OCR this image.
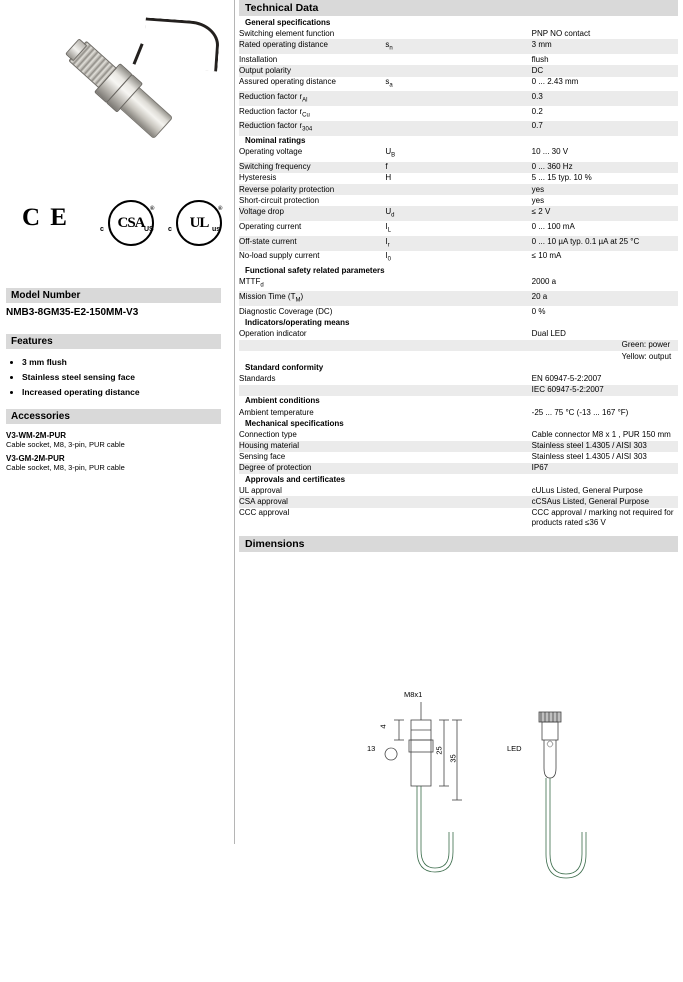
C E	CSA
®
c	US UL
®
c	us
Model Number
NMB3-8GM35-E2-150MM-V3
Features
• 3 mm flush
• Stainless steel sensing face
• Increased operating distance
Accessories
V3-WM-2M-PUR
Cable socket, M8, 3-pin, PUR cable
V3-GM-2M-PUR
Cable socket, M8, 3-pin, PUR cable
Technical Data
General specifications		
Switching element function		PNP NO contact
Rated operating distance	$s_n$	3 mm
Installation		flush
Output polarity		DC
Assured operating distance	$s_a$	0 ... 2.43 mm
Reduction factor $r_{Al}$		0.3
Reduction factor $r_{Cu}$		0.2
Reduction factor $r_{304}$		0.7
Nominal ratings		
Operating voltage	$U_B$	10 ... 30 V
Switching frequency	f	0 ... 360 Hz
Hysteresis	H	5 ... 15 typ. 10 %
Reverse polarity protection		yes
Short-circuit protection		yes
Voltage drop	$U_d$	≤ 2 V
Operating current	$I_L$	0 ... 100 mA
Off-state current	$I_r$	0 ... 10 µA typ. 0.1 µA at 25 °C
No-load supply current	$I_0$	≤ 10 mA
Functional safety related parameters		
$MTTF_d$		2000 a
Mission Time $(T_M)$		20 a
Diagnostic Coverage (DC)		0 %
Indicators/operating means		
Operation indicator		Dual LED
		Green: power
		Yellow: output
Standard conformity		
Standards		EN 60947-5-2:2007
		IEC 60947-5-2:2007
Ambient conditions		
Ambient temperature		-25 ... 75 °C (-13 ... 167 °F)
Mechanical specifications		
Connection type		Cable connector M8 x 1 , PUR 150 mm
Housing material		Stainless steel 1.4305 / AISI 303
Sensing face		Stainless steel 1.4305 / AISI 303
Degree of protection		IP67
Approvals and certificates		
UL approval		cULus Listed, General Purpose
CSA approval		cCSAus Listed, General Purpose
CCC approval		CCC approval / marking not required for products rated ≤36 V
Dimensions
M8x1
4
25
35
13	LED
